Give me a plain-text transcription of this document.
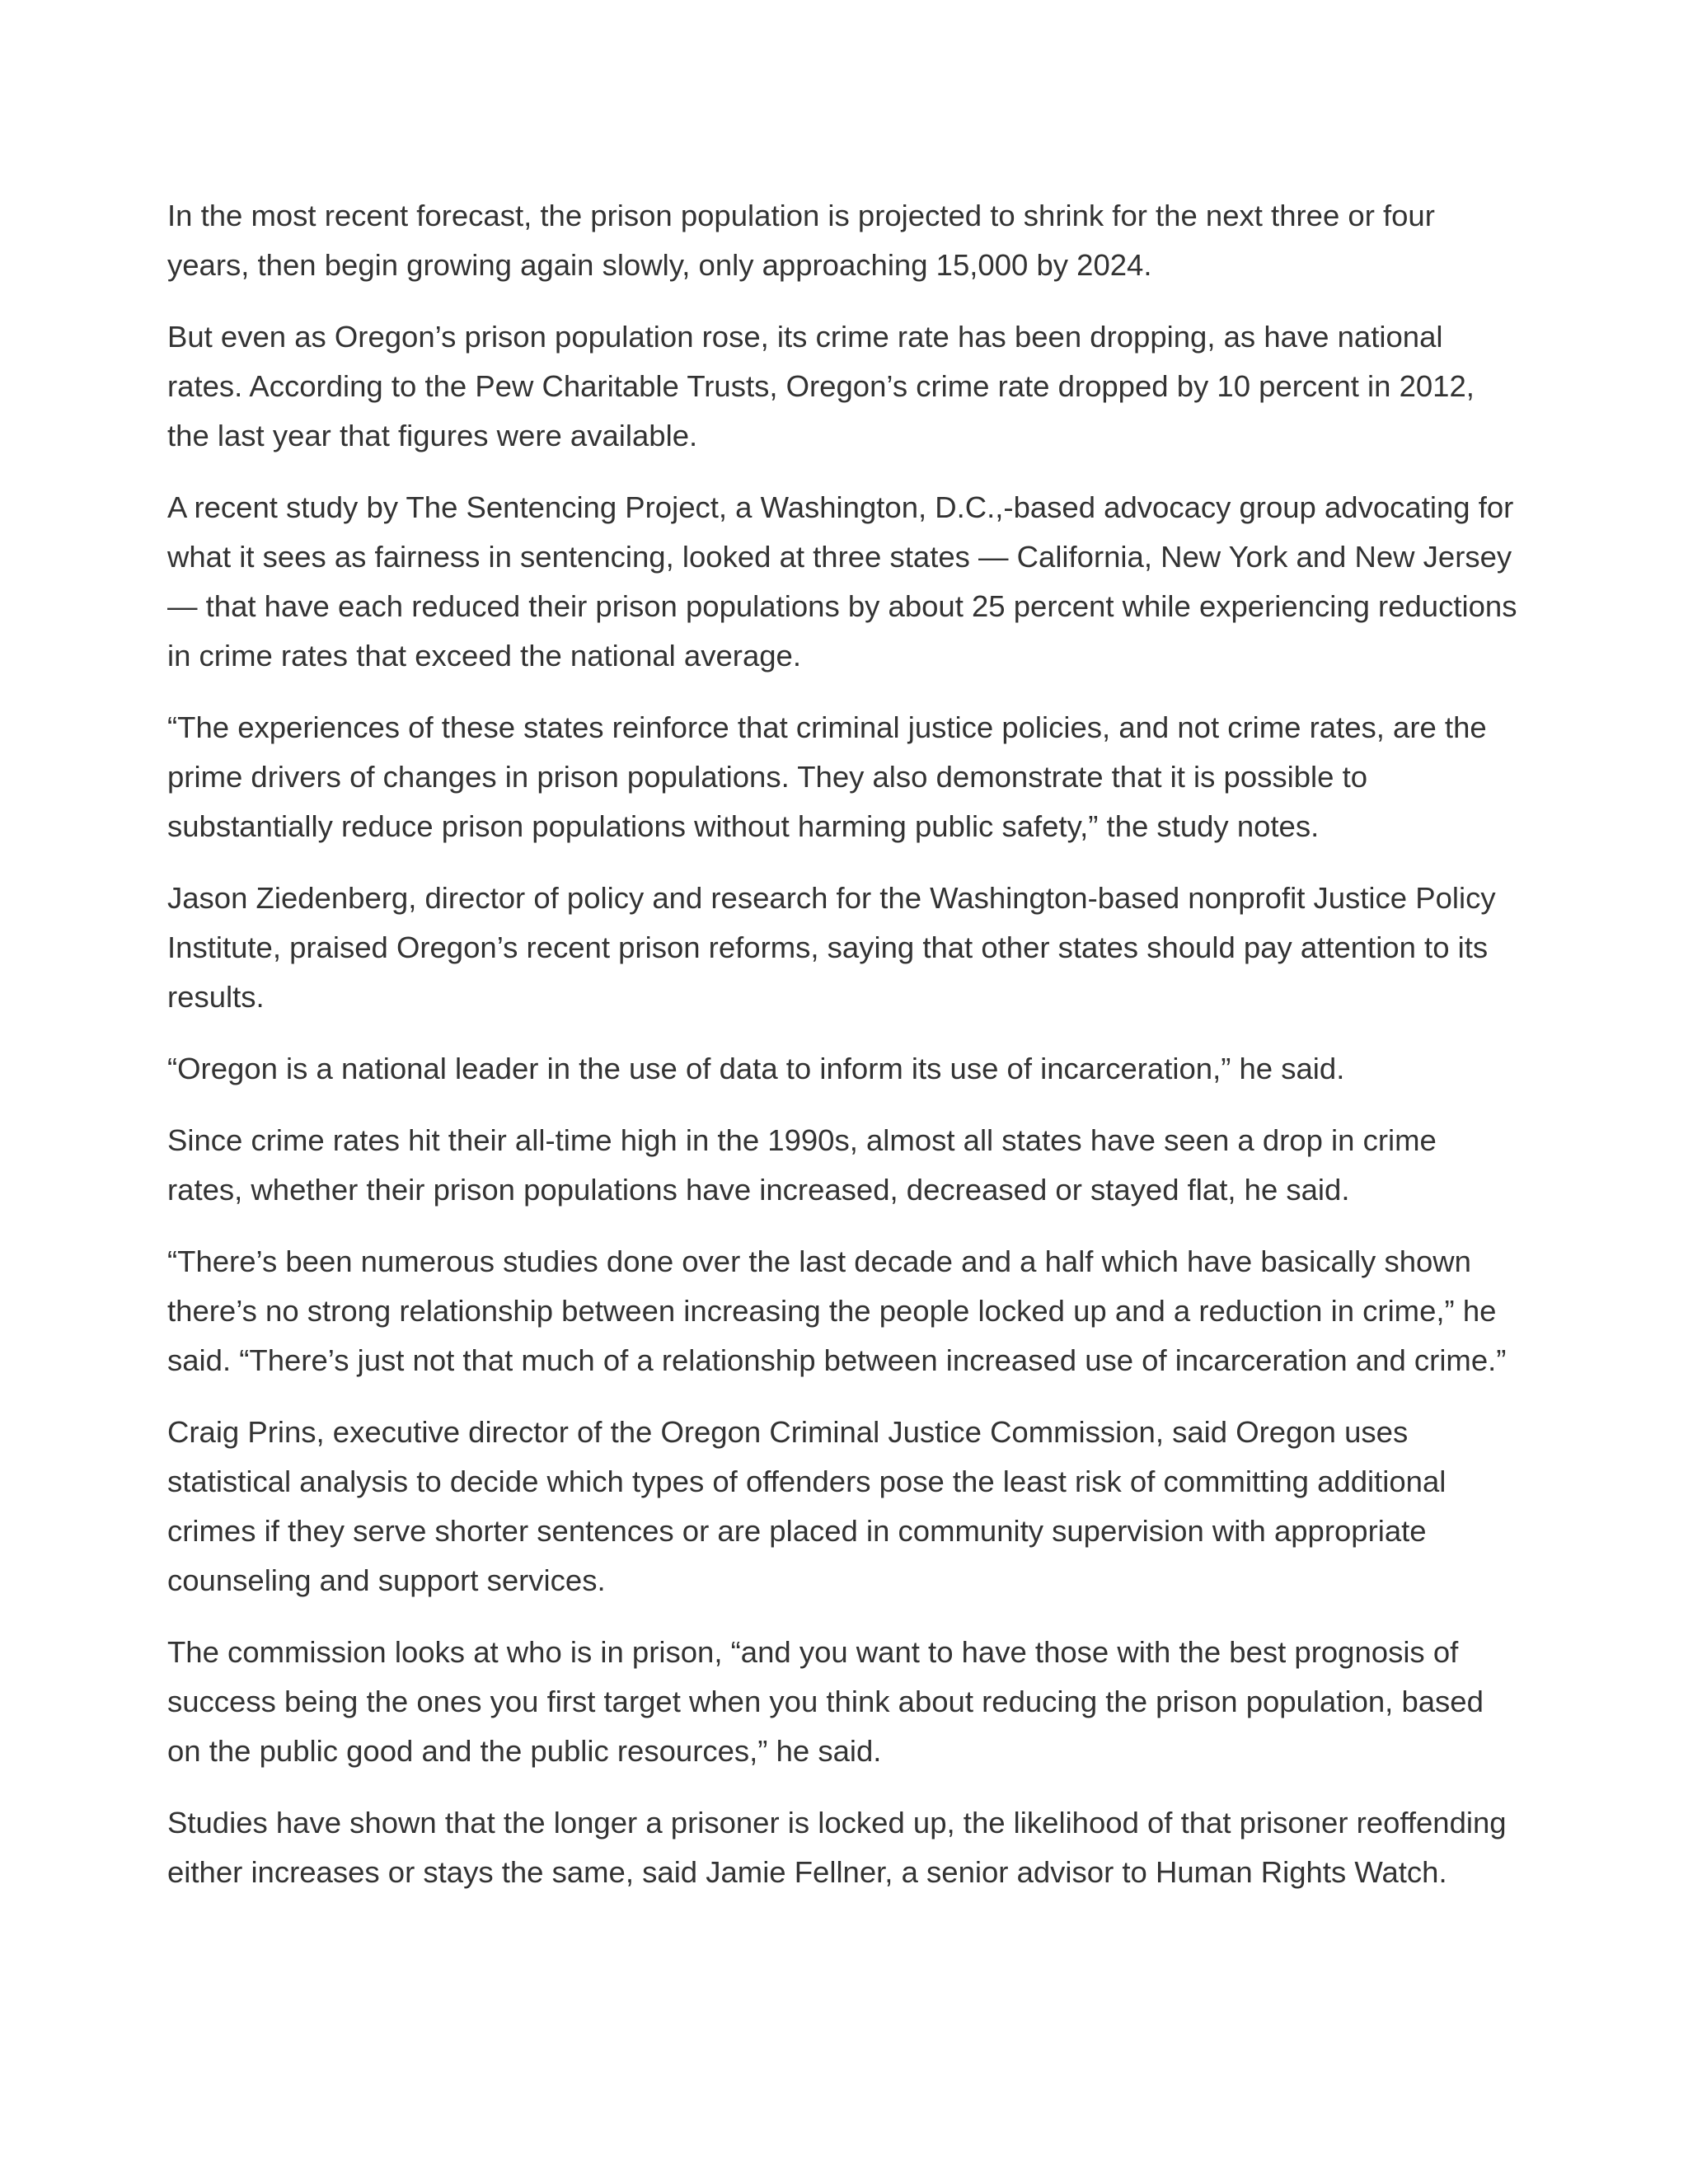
In the most recent forecast, the prison population is projected to shrink for the next three or four years, then begin growing again slowly, only approaching 15,000 by 2024.

But even as Oregon’s prison population rose, its crime rate has been dropping, as have national rates. According to the Pew Charitable Trusts, Oregon’s crime rate dropped by 10 percent in 2012, the last year that figures were available.

A recent study by The Sentencing Project, a Washington, D.C.,-based advocacy group advocating for what it sees as fairness in sentencing, looked at three states — California, New York and New Jersey — that have each reduced their prison populations by about 25 percent while experiencing reductions in crime rates that exceed the national average.

“The experiences of these states reinforce that criminal justice policies, and not crime rates, are the prime drivers of changes in prison populations. They also demonstrate that it is possible to substantially reduce prison populations without harming public safety,” the study notes.

Jason Ziedenberg, director of policy and research for the Washington-based nonprofit Justice Policy Institute, praised Oregon’s recent prison reforms, saying that other states should pay attention to its results.

“Oregon is a national leader in the use of data to inform its use of incarceration,” he said.

Since crime rates hit their all-time high in the 1990s, almost all states have seen a drop in crime rates, whether their prison populations have increased, decreased or stayed flat, he said.

“There’s been numerous studies done over the last decade and a half which have basically shown there’s no strong relationship between increasing the people locked up and a reduction in crime,” he said. “There’s just not that much of a relationship between increased use of incarceration and crime.”

Craig Prins, executive director of the Oregon Criminal Justice Commission, said Oregon uses statistical analysis to decide which types of offenders pose the least risk of committing additional crimes if they serve shorter sentences or are placed in community supervision with appropriate counseling and support services.

The commission looks at who is in prison, “and you want to have those with the best prognosis of success being the ones you first target when you think about reducing the prison population, based on the public good and the public resources,” he said.

Studies have shown that the longer a prisoner is locked up, the likelihood of that prisoner reoffending either increases or stays the same, said Jamie Fellner, a senior advisor to Human Rights Watch.
